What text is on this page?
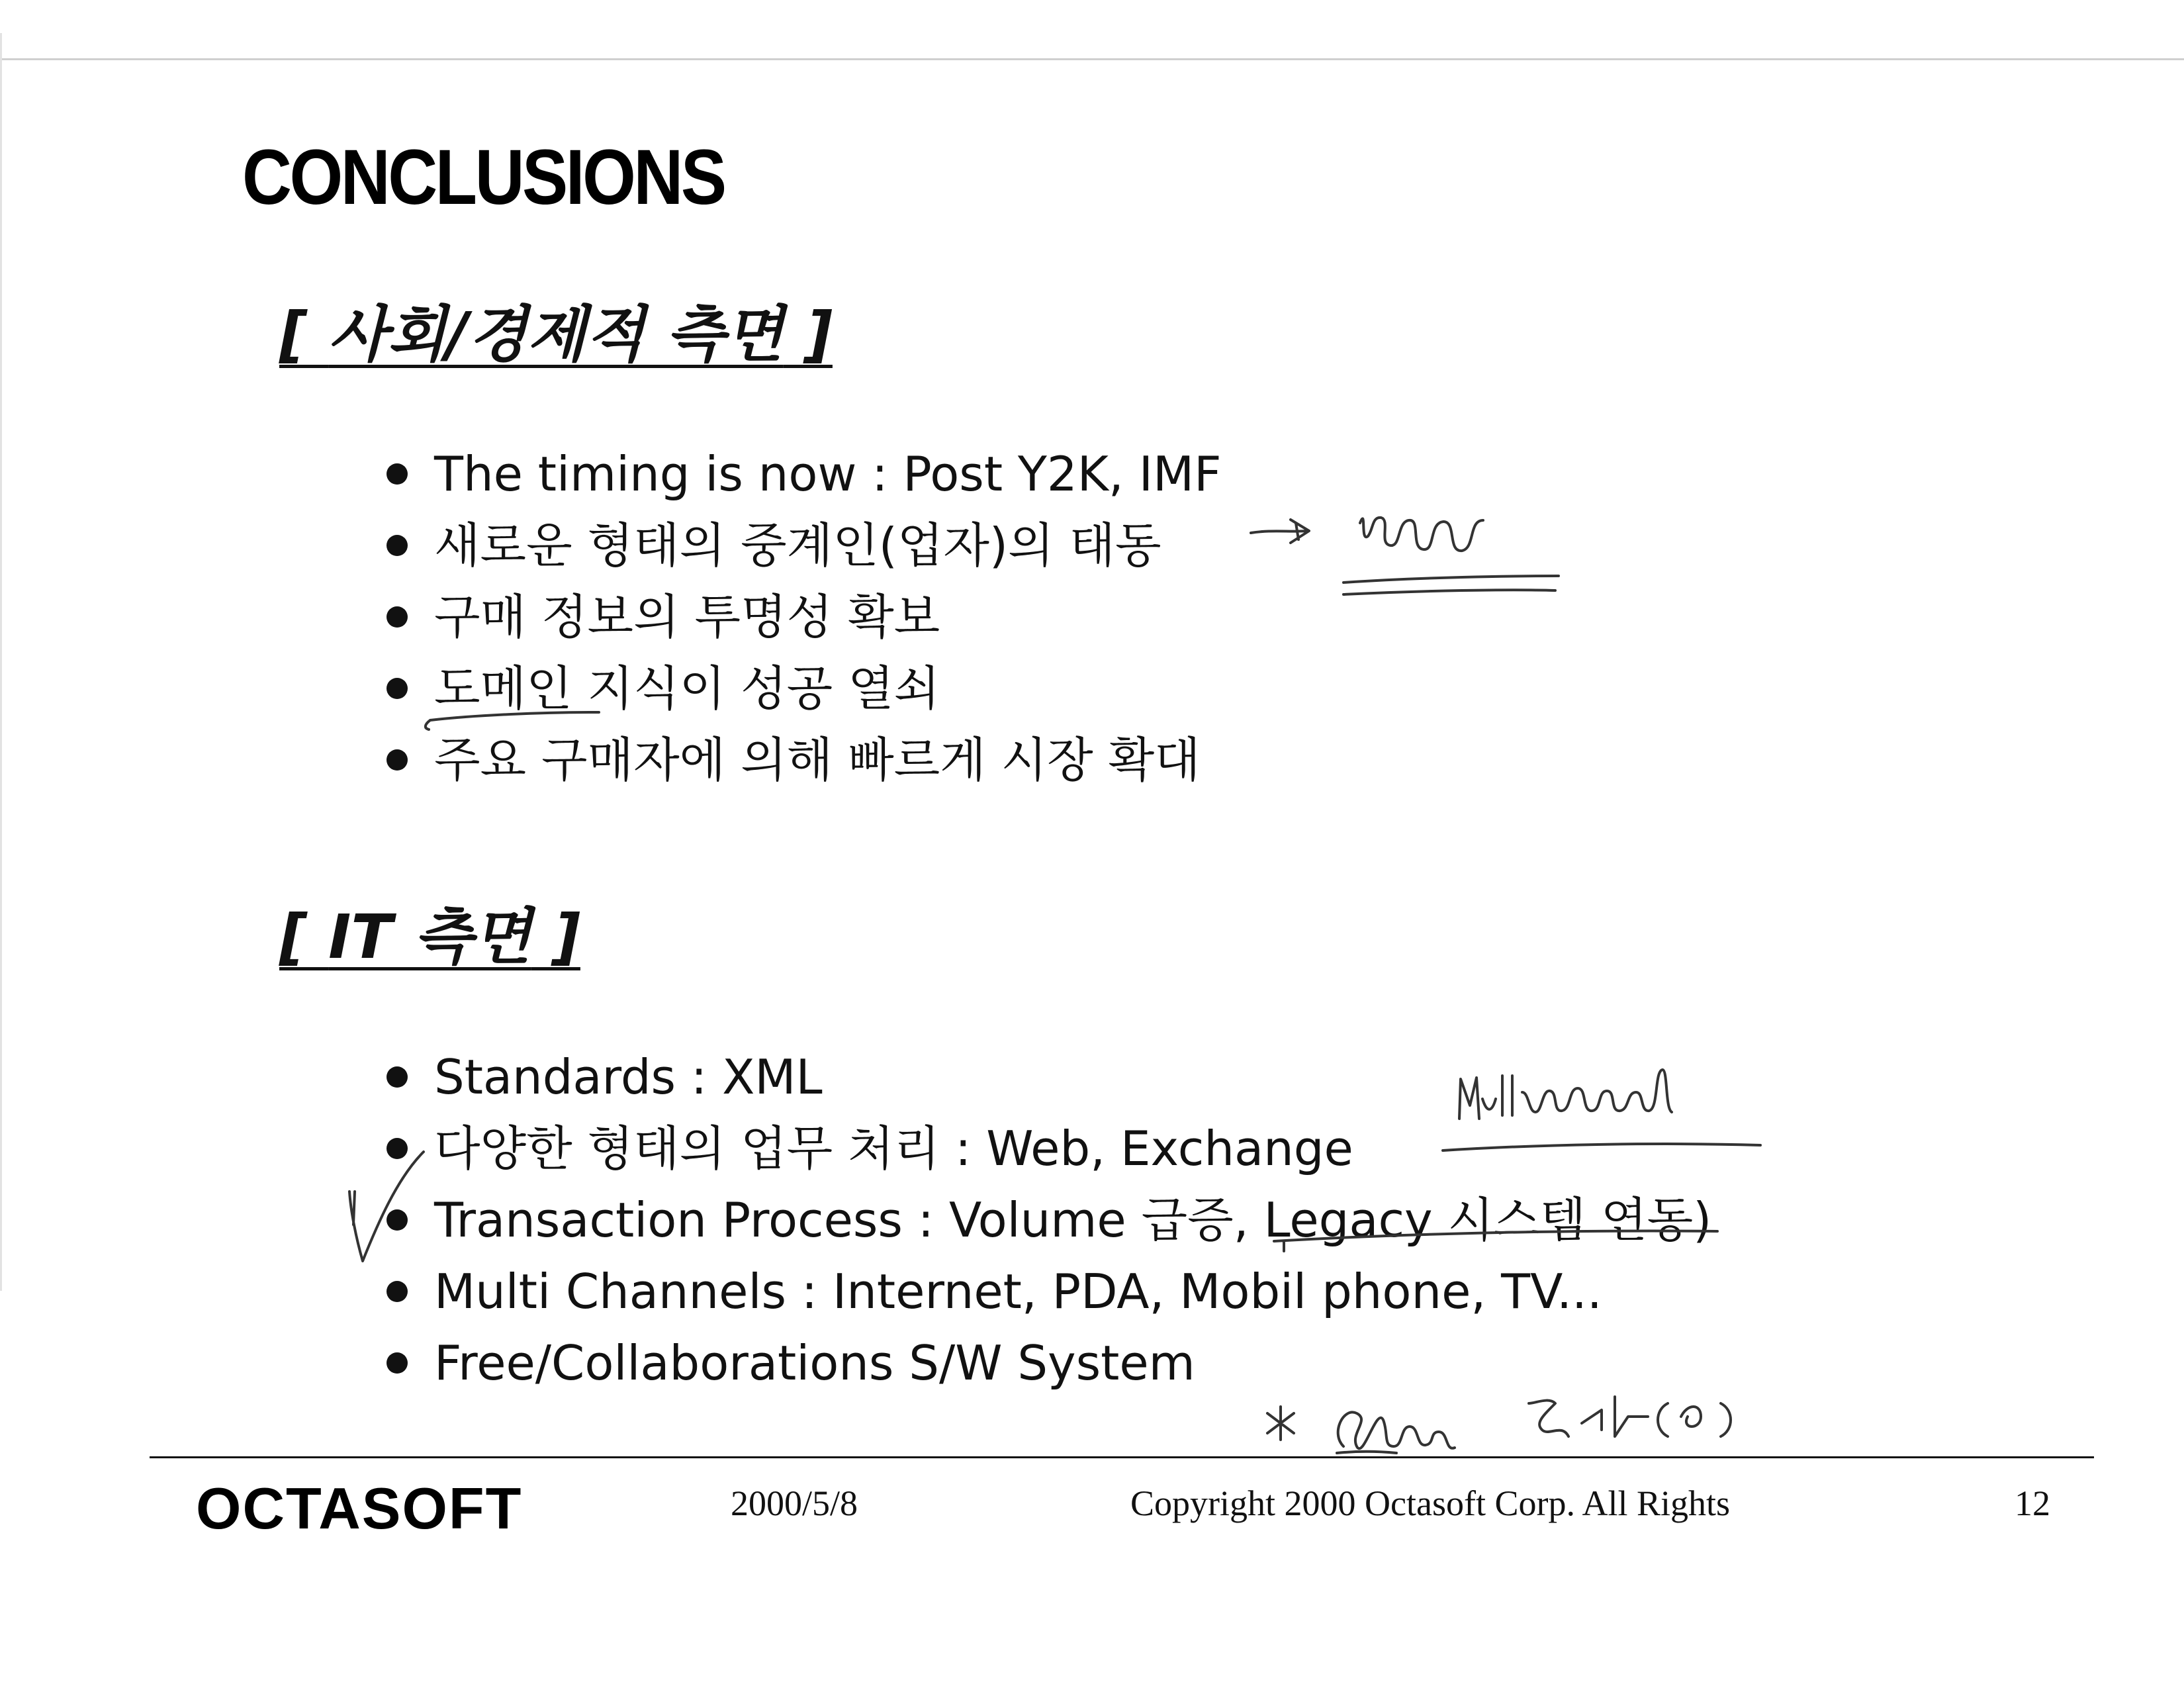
CONCLUSIONS
[ 사회/경제적 측면 ]
The timing is now : Post Y2K, IMF
새로운 형태의 중계인(업자)의 태동
구매 정보의 투명성 확보
도메인 지식이 성공 열쇠
주요 구매자에 의해 빠르게 시장 확대
[ IT 측면 ]
Standards : XML
다양한 형태의 업무 처리 : Web, Exchange
Transaction Process : Volume 급증, Legacy 시스템 연동)
Multi Channels : Internet, PDA, Mobil phone, TV...
Free/Collaborations S/W System
OCTASOFT	2000/5/8	Copyright 2000 Octasoft Corp. All Rights	12
